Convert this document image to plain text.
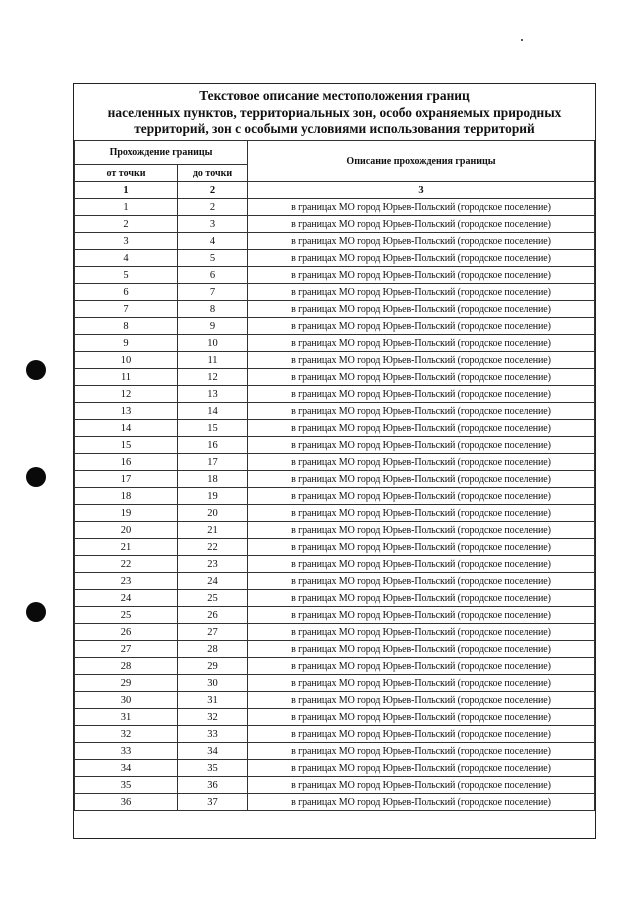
Текстовое описание местоположения границ
населенных пунктов, территориальных зон, особо охраняемых природных
территорий, зон с особыми условиями использования территорий
Прохождение границы		Описание прохождения границы
от точки	до точки	
1	2	3
1	2	в границах МО город Юрьев-Польский (городское поселение)
2	3	в границах МО город Юрьев-Польский (городское поселение)
3	4	в границах МО город Юрьев-Польский (городское поселение)
4	5	в границах МО город Юрьев-Польский (городское поселение)
5	6	в границах МО город Юрьев-Польский (городское поселение)
6	7	в границах МО город Юрьев-Польский (городское поселение)
7	8	в границах МО город Юрьев-Польский (городское поселение)
8	9	в границах МО город Юрьев-Польский (городское поселение)
9	10	в границах МО город Юрьев-Польский (городское поселение)
10	11	в границах МО город Юрьев-Польский (городское поселение)
11	12	в границах МО город Юрьев-Польский (городское поселение)
12	13	в границах МО город Юрьев-Польский (городское поселение)
13	14	в границах МО город Юрьев-Польский (городское поселение)
14	15	в границах МО город Юрьев-Польский (городское поселение)
15	16	в границах МО город Юрьев-Польский (городское поселение)
16	17	в границах МО город Юрьев-Польский (городское поселение)
17	18	в границах МО город Юрьев-Польский (городское поселение)
18	19	в границах МО город Юрьев-Польский (городское поселение)
19	20	в границах МО город Юрьев-Польский (городское поселение)
20	21	в границах МО город Юрьев-Польский (городское поселение)
21	22	в границах МО город Юрьев-Польский (городское поселение)
22	23	в границах МО город Юрьев-Польский (городское поселение)
23	24	в границах МО город Юрьев-Польский (городское поселение)
24	25	в границах МО город Юрьев-Польский (городское поселение)
25	26	в границах МО город Юрьев-Польский (городское поселение)
26	27	в границах МО город Юрьев-Польский (городское поселение)
27	28	в границах МО город Юрьев-Польский (городское поселение)
28	29	в границах МО город Юрьев-Польский (городское поселение)
29	30	в границах МО город Юрьев-Польский (городское поселение)
30	31	в границах МО город Юрьев-Польский (городское поселение)
31	32	в границах МО город Юрьев-Польский (городское поселение)
32	33	в границах МО город Юрьев-Польский (городское поселение)
33	34	в границах МО город Юрьев-Польский (городское поселение)
34	35	в границах МО город Юрьев-Польский (городское поселение)
35	36	в границах МО город Юрьев-Польский (городское поселение)
36	37	в границах МО город Юрьев-Польский (городское поселение)
